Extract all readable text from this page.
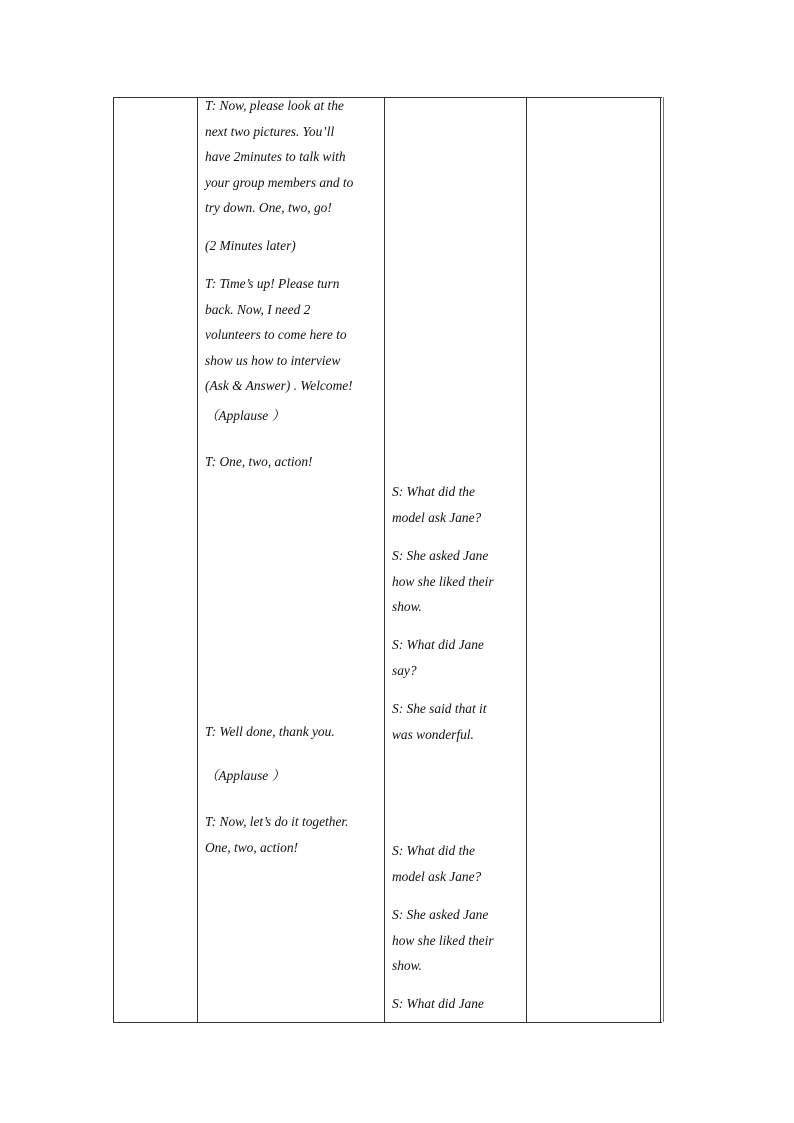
T: Now, please look at the
next two pictures. You’ll
have 2minutes to talk with
your group members and to
try down. One, two, go!
(2 Minutes later)
T: Time’s up! Please turn
back. Now, I need 2
volunteers to come here to
show us how to interview
(Ask & Answer) . Welcome!
（Applause ）
T: One, two, action!
T: Well done, thank you.
（Applause ）
T: Now, let’s do it together.
One, two, action!
S: What did the
model ask Jane?
S: She asked Jane
how she liked their
show.
S: What did Jane
say?
S: She said that it
was wonderful.
S: What did the
model ask Jane?
S: She asked Jane
how she liked their
show.
S: What did Jane
